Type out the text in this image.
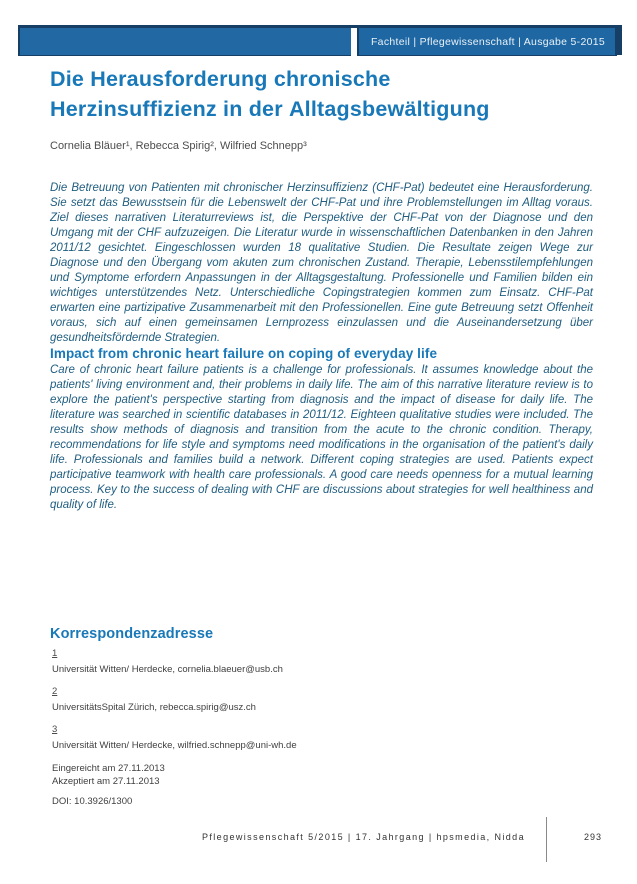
Fachteil | Pflegewissenschaft | Ausgabe 5-2015
Die Herausforderung chronische
Herzinsuffizienz in der Alltagsbewältigung
Cornelia Bläuer¹, Rebecca Spirig², Wilfried Schnepp³

Die Betreuung von Patienten mit chronischer Herzinsuffizienz (CHF-Pat) bedeutet eine Herausforderung. Sie setzt das Bewusstsein für die Lebenswelt der CHF-Pat und ihre Problemstellungen im Alltag voraus. Ziel dieses narrativen Literaturreviews ist, die Perspektive der CHF-Pat von der Diagnose und den Umgang mit der CHF aufzuzeigen. Die Literatur wurde in wissenschaftlichen Datenbanken in den Jahren 2011/12 gesichtet. Eingeschlossen wurden 18 qualitative Studien. Die Resultate zeigen Wege zur Diagnose und den Übergang vom akuten zum chronischen Zustand. Therapie, Lebensstilempfehlungen und Symptome erfordern Anpassungen in der Alltagsgestaltung. Professionelle und Familien bilden ein wichtiges unterstützendes Netz. Unterschiedliche Copingstrategien kommen zum Einsatz. CHF-Pat erwarten eine partizipative Zusammenarbeit mit den Professionellen. Eine gute Betreuung setzt Offenheit voraus, sich auf einen gemeinsamen Lernprozess einzulassen und die Auseinandersetzung über gesundheitsfördernde Strategien.

Impact from chronic heart failure on coping of everyday life

Care of chronic heart failure patients is a challenge for professionals. It assumes knowledge about the patients' living environment and, their problems in daily life. The aim of this narrative literature review is to explore the patient's perspective starting from diagnosis and the impact of disease for daily life. The literature was searched in scientific databases in 2011/12. Eighteen qualitative studies were included. The results show methods of diagnosis and transition from the acute to the chronic condition. Therapy, recommendations for life style and symptoms need modifications in the organisation of the patient's daily life. Professionals and families build a network. Different coping strategies are used. Patients expect participative teamwork with health care professionals. A good care needs openness for a mutual learning process. Key to the success of dealing with CHF are discussions about strategies for well healthiness and quality of life.

Korrespondenzadresse
1
Universität Witten/ Herdecke, cornelia.blaeuer@usb.ch
2
UniversitätsSpital Zürich, rebecca.spirig@usz.ch
3
Universität Witten/ Herdecke, wilfried.schnepp@uni-wh.de
Eingereicht am 27.11.2013
Akzeptiert am 27.11.2013
DOI: 10.3926/1300
Pflegewissenschaft 5/2015 | 17. Jahrgang | hpsmedia, Nidda	293
